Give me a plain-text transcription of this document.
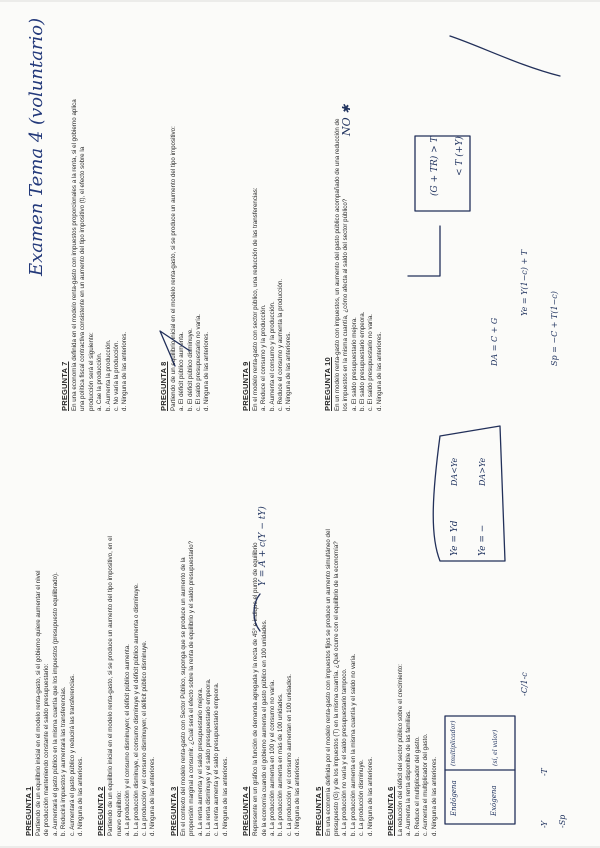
PREGUNTA 1 Partiendo de un equilibrio inicial en el modelo renta-gasto, si el gobierno quiere aumentar el nivel de producción manteniendo constante el saldo presupuestario: a. Aumentará el gasto público en la misma cuantía que los impuestos (presupuesto equilibrado). b. Reducirá impuestos y aumentará las transferencias. c. Aumentará el gasto público y reducirá las transferencias. d. Ninguna de las anteriores. PREGUNTA 2 Partiendo de un equilibrio inicial en el modelo renta-gasto, si se produce un aumento del tipo impositivo, en el nuevo equilibrio: a. La producción y el consumo disminuyen; el déficit público aumenta. b. La producción disminuye, el consumo disminuye y el déficit público aumenta o disminuye. c. La producción y el consumo disminuyen; el déficit público disminuye. d. Ninguna de las anteriores. PREGUNTA 3 En el contexto del modelo renta-gasto con Sector Público, suponga que se produce un aumento de la propensión marginal a consumir. ¿Cuál será el efecto sobre la renta de equilibrio y el saldo presupuestario? a. La renta aumenta y el saldo presupuestario mejora. b. La renta disminuye y el saldo presupuestario empeora. c. La renta aumenta y el saldo presupuestario empeora. d. Ninguna de las anteriores. PREGUNTA 4 Represente en un gráfico la función de demanda agregada y la recta de 45º e indique el punto de equilibrio de la economía cuando el gobierno aumenta el gasto público en 100 unidades. a. La producción aumenta en 100 y el consumo no varía. b. La producción aumenta en más de 100 unidades. c. La producción y el consumo aumentan en 100 unidades. d. Ninguna de las anteriores. PREGUNTA 5 En una economía definida por el modelo renta-gasto con impuestos fijos se produce un aumento simultáneo del presupuesto (G) y de los impuestos (T) en la misma cuantía. ¿Qué ocurre con el equilibrio de la economía? a. La producción no varía y el saldo presupuestario tampoco. b. La producción aumenta en la misma cuantía y el saldo no varía. c. La producción disminuye. d. Ninguna de las anteriores. PREGUNTA 6 La reducción del déficit del sector público sobre el crecimiento: a. Aumenta la renta disponible de las familias. b. Reduce el multiplicador del gasto. c. Aumenta el multiplicador del gasto. d. Ninguna de las anteriores.
PREGUNTA 7 En una economía definida en el modelo renta-gasto con impuestos proporcionales a la renta, si el gobierno aplica una política fiscal contractiva consistente en un aumento del tipo impositivo (t), el efecto sobre la producción será el siguiente: a. Cae la producción. b. Aumenta la producción. c. No varía la producción. d. Ninguna de las anteriores.	PREGUNTA 8 Partiendo de un equilibrio inicial en el modelo renta-gasto, si se produce un aumento del tipo impositivo: a. El déficit público aumenta. b. El déficit público disminuye. c. El saldo presupuestario no varía. d. Ninguna de las anteriores.	PREGUNTA 9 En el modelo renta-gasto con sector público, una reducción de las transferencias: a. Reduce el consumo y la producción. b. Aumenta el consumo y la producción. c. Reduce el consumo y aumenta la producción. d. Ninguna de las anteriores.	PREGUNTA 10 En un modelo renta-gasto con impuestos, un aumento del gasto público acompañado de una reducción de los impuestos en la misma cuantía, ¿cómo afecta al saldo del sector público? a. El saldo presupuestario mejora. b. El saldo presupuestario empeora. c. El saldo presupuestario no varía. d. Ninguna de las anteriores.
Examen Tema 4 (voluntario)	NO ✱
Endógena	Exógena
(multiplicador)	(sí, el valor)
-Y -Sp
-T
-C/1-c
Ye = Yd Ye = −
DA<Ye DA>Ye
Y = A + c(Y − tY)
DA = C + G
Ye = Y(1−c) + T
(G + TR) > T < T (+Y)
Sp = −C + T(1−c)
